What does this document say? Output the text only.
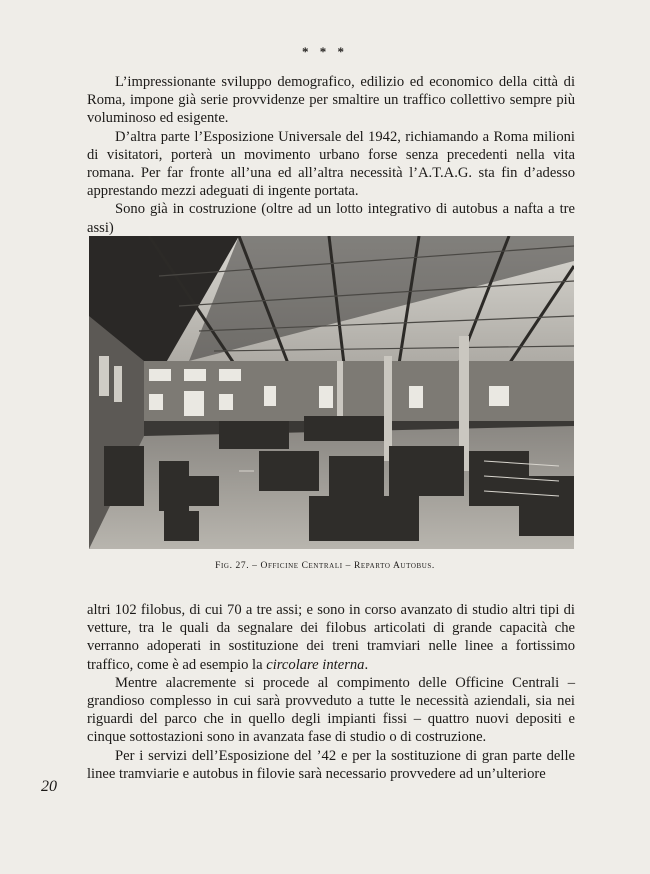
* * *

L’impressionante sviluppo demografico, edilizio ed economico della città di Roma, impone già serie provvidenze per smaltire un traffico collettivo sempre più voluminoso ed esigente.

D’altra parte l’Esposizione Universale del 1942, richiamando a Roma milioni di visitatori, porterà un movimento urbano forse senza precedenti nella vita romana. Per far fronte all’una ed all’altra necessità l’A.T.A.G. sta fin d’adesso apprestando mezzi adeguati di ingente portata.

Sono già in costruzione (oltre ad un lotto integrativo di autobus a nafta a tre assi)

Fig. 27. – Officine Centrali – Reparto Autobus.

altri 102 filobus, di cui 70 a tre assi; e sono in corso avanzato di studio altri tipi di vetture, tra le quali da segnalare dei filobus articolati di grande capacità che verranno adoperati in sostituzione dei treni tramviari nelle linee a fortissimo traffico, come è ad esempio la circolare interna.

Mentre alacremente si procede al compimento delle Officine Centrali – grandioso complesso in cui sarà provveduto a tutte le necessità aziendali, sia nei riguardi del parco che in quello degli impianti fissi – quattro nuovi depositi e cinque sottostazioni sono in avanzata fase di studio o di costruzione.

Per i servizi dell’Esposizione del ’42 e per la sostituzione di gran parte delle linee tramviarie e autobus in filovie sarà necessario provvedere ad un’ulteriore

20
